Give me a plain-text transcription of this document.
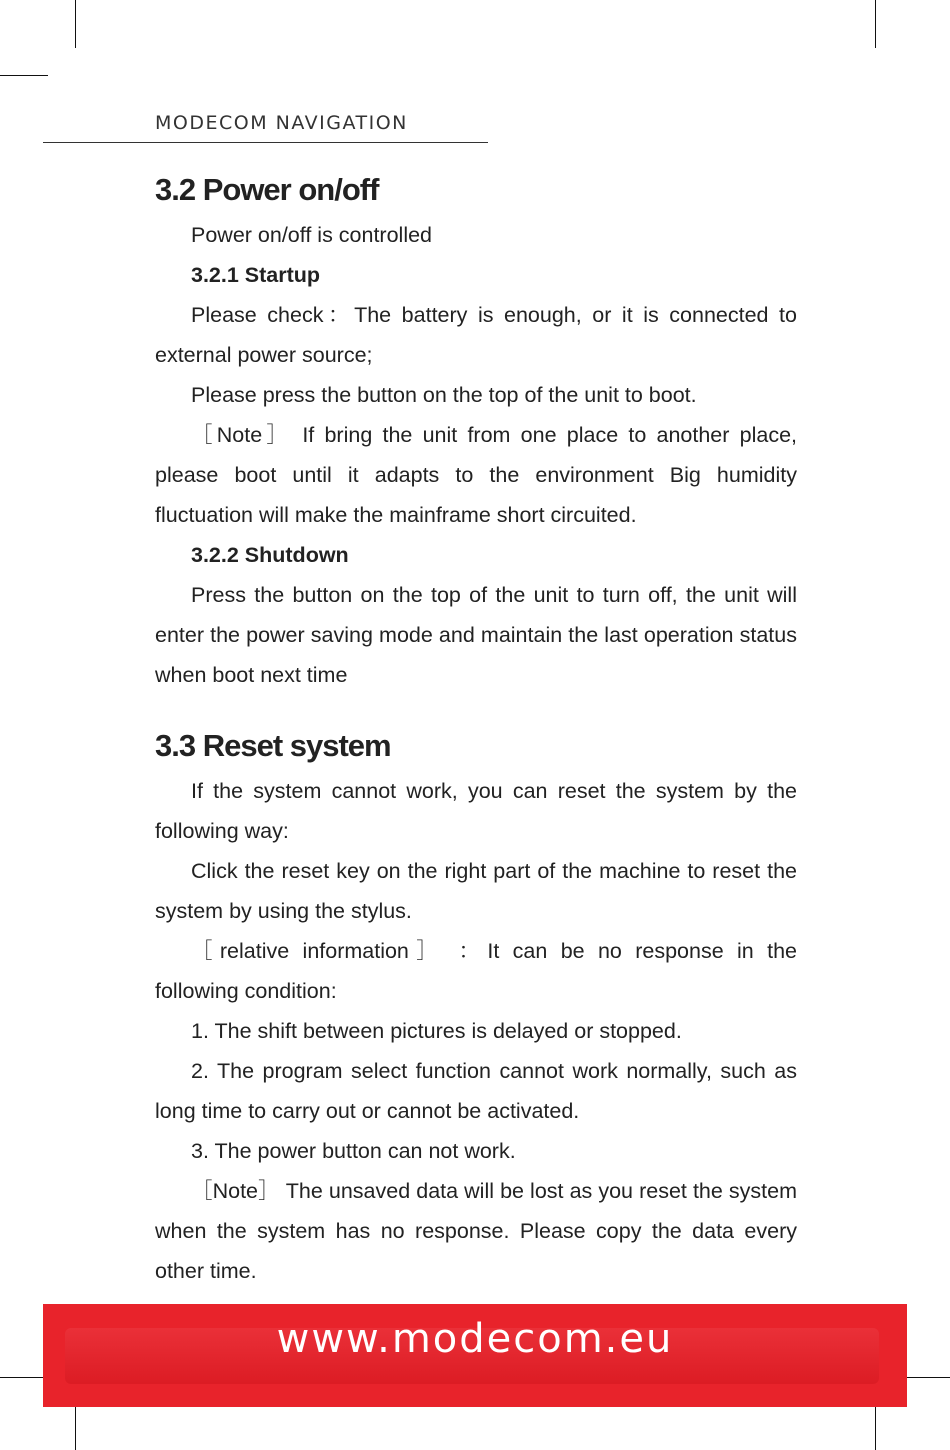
MODECOM NAVIGATION
3.2 Power on/off

Power on/off is controlled

3.2.1 Startup

Please check：The battery is enough, or it is connected to external power source;

Please press the button on the top of the unit to boot.

［Note］ If bring the unit from one place to another place, please boot until it adapts to the environment Big humidity fluctuation will make the mainframe short circuited.

3.2.2 Shutdown

Press the button on the top of the unit to turn off, the unit will enter the power saving mode and maintain the last operation status when boot next time

3.3 Reset system

If the system cannot work, you can reset the system by the following way:

Click the reset key on the right part of the machine to reset the system by using the stylus.

［relative information］ ：It can be no response in the following condition:

1. The shift between pictures is delayed or stopped.

2. The program select function cannot work normally, such as long time to carry out or cannot be activated.

3. The power button can not work.

［Note］ The unsaved data will be lost as you reset the system when the system has no response. Please copy the data every other time.

www.modecom.eu
